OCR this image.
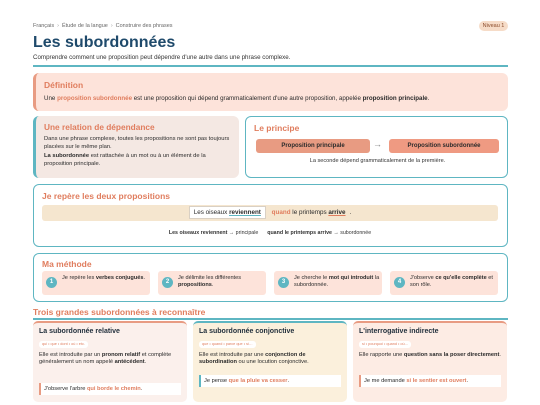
Français › Étude de la langue › Construire des phrases	Niveau 1
Les subordonnées
Comprendre comment une proposition peut dépendre d'une autre dans une phrase complexe.
Définition
Une proposition subordonnée est une proposition qui dépend grammaticalement d'une autre proposition, appelée proposition principale.
Une relation de dépendance
Dans une phrase complexe, toutes les propositions ne sont pas toujours placées sur le même plan.
La subordonnée est rattachée à un mot ou à un élément de la proposition principale.
Le principe
Proposition principale	→	Proposition subordonnée
La seconde dépend grammaticalement de la première.
Je repère les deux propositions
Les oiseaux reviennent quand le printemps arrive .
Les oiseaux reviennent → principale quand le printemps arrive → subordonnée
Ma méthode
1
Je repère les verbes conjugués.
2
Je délimite les différentes propositions.
3
Je cherche le mot qui introduit la subordonnée.
4
J'observe ce qu'elle complète et son rôle.
Trois grandes subordonnées à reconnaître
La subordonnée relative
qui • que • dont • où • etc.
Elle est introduite par un pronom relatif et complète généralement un nom appelé antécédent.
J'observe l'arbre qui borde le chemin.
La subordonnée conjonctive
que • quand • parce que • si…
Elle est introduite par une conjonction de subordination ou une locution conjonctive.
Je pense que la pluie va cesser.
L'interrogative indirecte
si • pourquoi • quand • où…
Elle rapporte une question sans la poser directement.
Je me demande si le sentier est ouvert.
